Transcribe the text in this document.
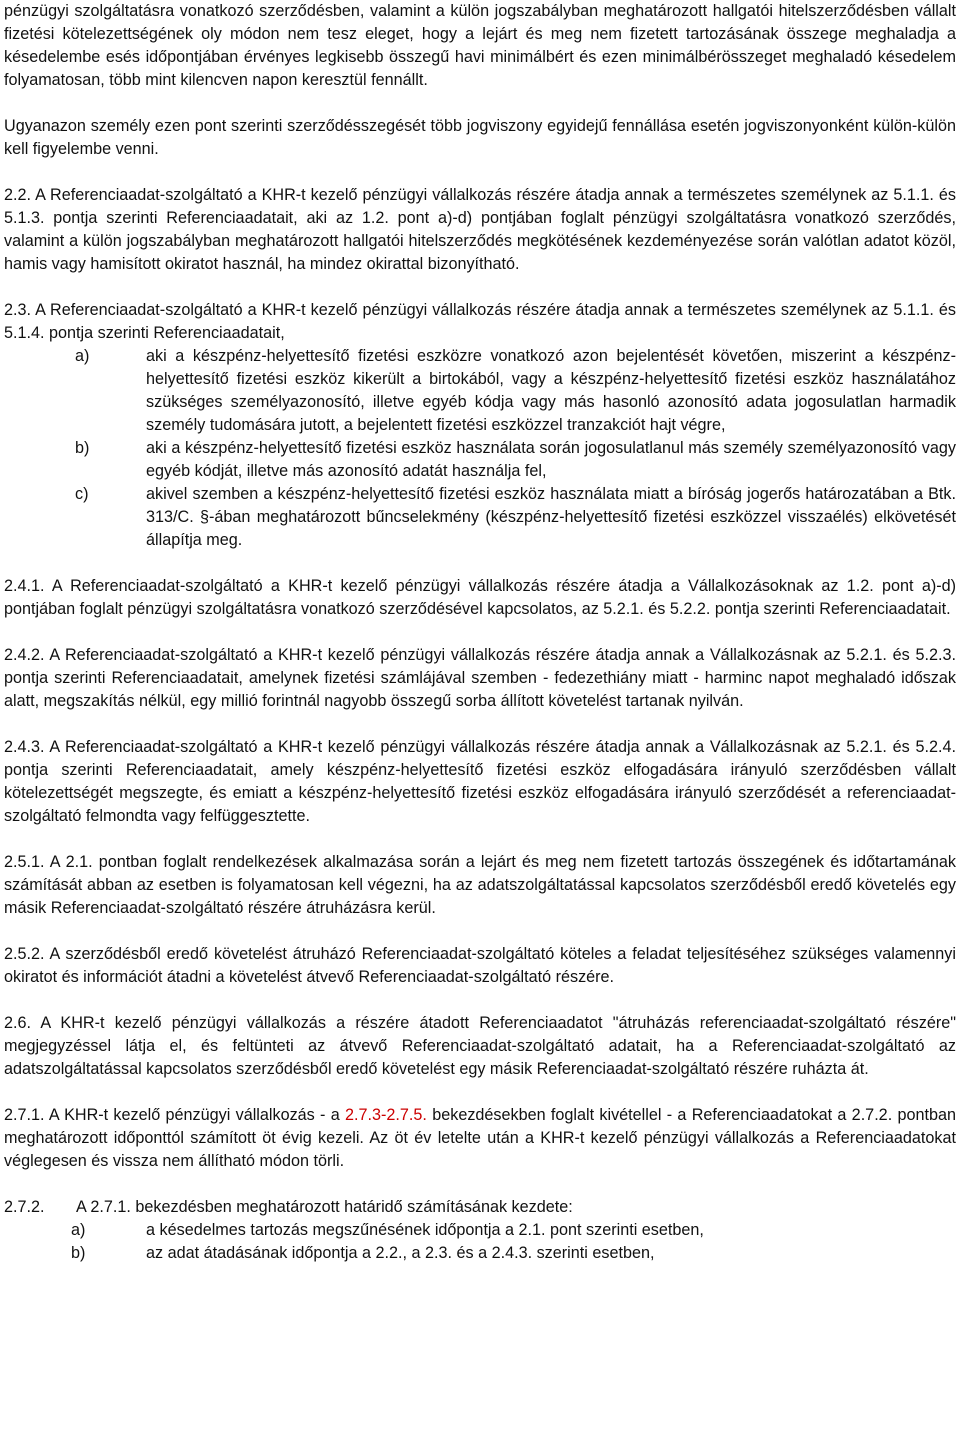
pénzügyi szolgáltatásra vonatkozó szerződésben, valamint a külön jogszabályban meghatározott hallgatói hitelszerződésben vállalt fizetési kötelezettségének oly módon nem tesz eleget, hogy a lejárt és meg nem fizetett tartozásának összege meghaladja a késedelembe esés időpontjában érvényes legkisebb összegű havi minimálbért és ezen minimálbérösszeget meghaladó késedelem folyamatosan, több mint kilencven napon keresztül fennállt.

Ugyanazon személy ezen pont szerinti szerződésszegését több jogviszony egyidejű fennállása esetén jogviszonyonként külön-külön kell figyelembe venni.

2.2. A Referenciaadat-szolgáltató a KHR-t kezelő pénzügyi vállalkozás részére átadja annak a természetes személynek az 5.1.1. és 5.1.3. pontja szerinti Referenciaadatait, aki az 1.2. pont a)-d) pontjában foglalt pénzügyi szolgáltatásra vonatkozó szerződés, valamint a külön jogszabályban meghatározott hallgatói hitelszerződés megkötésének kezdeményezése során valótlan adatot közöl, hamis vagy hamisított okiratot használ, ha mindez okirattal bizonyítható.

2.3. A Referenciaadat-szolgáltató a KHR-t kezelő pénzügyi vállalkozás részére átadja annak a természetes személynek az 5.1.1. és 5.1.4. pontja szerinti Referenciaadatait,

a)	aki a készpénz-helyettesítő fizetési eszközre vonatkozó azon bejelentését követően, miszerint a készpénz-helyettesítő fizetési eszköz kikerült a birtokából, vagy a készpénz-helyettesítő fizetési eszköz használatához szükséges személyazonosító, illetve egyéb kódja vagy más hasonló azonosító adata jogosulatlan harmadik személy tudomására jutott, a bejelentett fizetési eszközzel tranzakciót hajt végre,
b)	aki a készpénz-helyettesítő fizetési eszköz használata során jogosulatlanul más személy személyazonosító vagy egyéb kódját, illetve más azonosító adatát használja fel,
c)	akivel szemben a készpénz-helyettesítő fizetési eszköz használata miatt a bíróság jogerős határozatában a Btk. 313/C. §-ában meghatározott bűncselekmény (készpénz-helyettesítő fizetési eszközzel visszaélés) elkövetését állapítja meg.

2.4.1. A Referenciaadat-szolgáltató a KHR-t kezelő pénzügyi vállalkozás részére átadja a Vállalkozásoknak az 1.2. pont a)-d) pontjában foglalt pénzügyi szolgáltatásra vonatkozó szerződésével kapcsolatos, az 5.2.1. és 5.2.2. pontja szerinti Referenciaadatait.

2.4.2. A Referenciaadat-szolgáltató a KHR-t kezelő pénzügyi vállalkozás részére átadja annak a Vállalkozásnak az 5.2.1. és 5.2.3. pontja szerinti Referenciaadatait, amelynek fizetési számlájával szemben - fedezethiány miatt - harminc napot meghaladó időszak alatt, megszakítás nélkül, egy millió forintnál nagyobb összegű sorba állított követelést tartanak nyilván.

2.4.3. A Referenciaadat-szolgáltató a KHR-t kezelő pénzügyi vállalkozás részére átadja annak a Vállalkozásnak az 5.2.1. és 5.2.4. pontja szerinti Referenciaadatait, amely készpénz-helyettesítő fizetési eszköz elfogadására irányuló szerződésben vállalt kötelezettségét megszegte, és emiatt a készpénz-helyettesítő fizetési eszköz elfogadására irányuló szerződését a referenciaadat-szolgáltató felmondta vagy felfüggesztette.

2.5.1. A 2.1. pontban foglalt rendelkezések alkalmazása során a lejárt és meg nem fizetett tartozás összegének és időtartamának számítását abban az esetben is folyamatosan kell végezni, ha az adatszolgáltatással kapcsolatos szerződésből eredő követelés egy másik Referenciaadat-szolgáltató részére átruházásra kerül.

2.5.2. A szerződésből eredő követelést átruházó Referenciaadat-szolgáltató köteles a feladat teljesítéséhez szükséges valamennyi okiratot és információt átadni a követelést átvevő Referenciaadat-szolgáltató részére.

2.6. A KHR-t kezelő pénzügyi vállalkozás a részére átadott Referenciaadatot "átruházás referenciaadat-szolgáltató részére" megjegyzéssel látja el, és feltünteti az átvevő Referenciaadat-szolgáltató adatait, ha a Referenciaadat-szolgáltató az adatszolgáltatással kapcsolatos szerződésből eredő követelést egy másik Referenciaadat-szolgáltató részére ruházta át.

2.7.1. A KHR-t kezelő pénzügyi vállalkozás - a 2.7.3-2.7.5. bekezdésekben foglalt kivétellel - a Referenciaadatokat a 2.7.2. pontban meghatározott időponttól számított öt évig kezeli. Az öt év letelte után a KHR-t kezelő pénzügyi vállalkozás a Referenciaadatokat véglegesen és vissza nem állítható módon törli.

2.7.2.	A 2.7.1. bekezdésben meghatározott határidő számításának kezdete:
a)	a késedelmes tartozás megszűnésének időpontja a 2.1. pont szerinti esetben,
b)	az adat átadásának időpontja a 2.2., a 2.3. és a 2.4.3. szerinti esetben,
